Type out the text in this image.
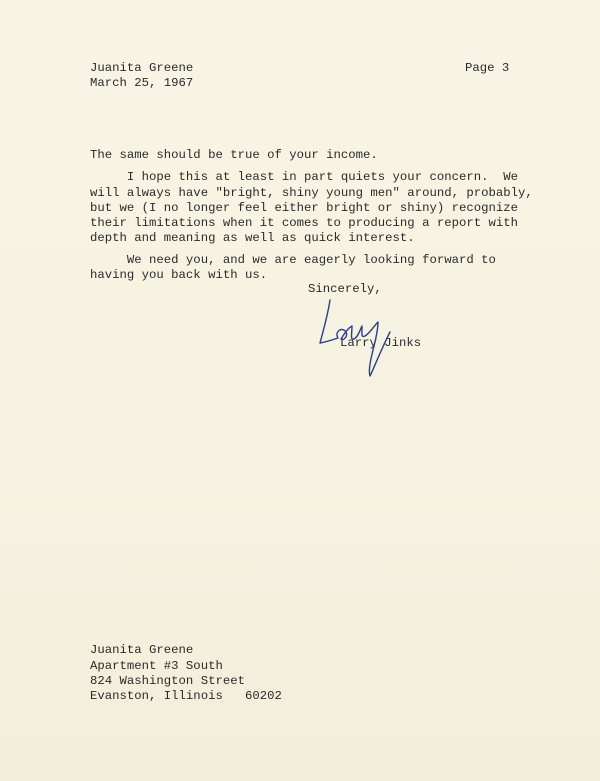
Juanita Greene
March 25, 1967
Page 3
The same should be true of your income.
I hope this at least in part quiets your concern.  We
will always have "bright, shiny young men" around, probably,
but we (I no longer feel either bright or shiny) recognize
their limitations when it comes to producing a report with
depth and meaning as well as quick interest.
We need you, and we are eagerly looking forward to
having you back with us.
Sincerely,
Larry Jinks
Juanita Greene
Apartment #3 South
824 Washington Street
Evanston, Illinois   60202
